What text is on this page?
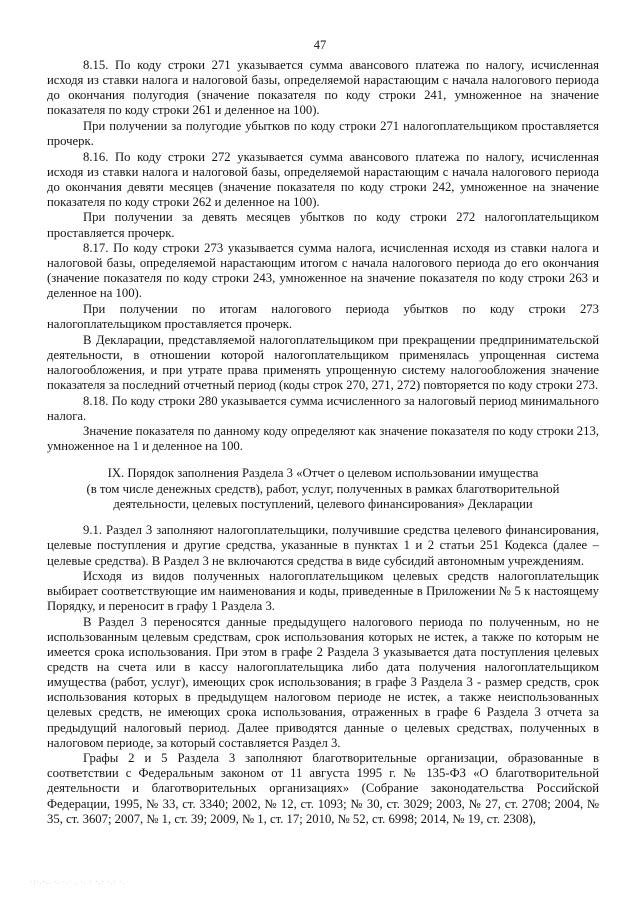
47

8.15. По коду строки 271 указывается сумма авансового платежа по налогу, исчисленная исходя из ставки налога и налоговой базы, определяемой нарастающим с начала налогового периода до окончания полугодия (значение показателя по коду строки 241, умноженное на значение показателя по коду строки 261 и деленное на 100).

При получении за полугодие убытков по коду строки 271 налогоплательщиком проставляется прочерк.

8.16. По коду строки 272 указывается сумма авансового платежа по налогу, исчисленная исходя из ставки налога и налоговой базы, определяемой нарастающим с начала налогового периода до окончания девяти месяцев (значение показателя по коду строки 242, умноженное на значение показателя по коду строки 262 и деленное на 100).

При получении за девять месяцев убытков по коду строки 272 налогоплательщиком проставляется прочерк.

8.17. По коду строки 273 указывается сумма налога, исчисленная исходя из ставки налога и налоговой базы, определяемой нарастающим итогом с начала налогового периода до его окончания (значение показателя по коду строки 243, умноженное на значение показателя по коду строки 263 и деленное на 100).

При получении по итогам налогового периода убытков по коду строки 273 налогоплательщиком проставляется прочерк.

В Декларации, представляемой налогоплательщиком при прекращении предпринимательской деятельности, в отношении которой налогоплательщиком применялась упрощенная система налогообложения, и при утрате права применять упрощенную систему налогообложения значение показателя за последний отчетный период (коды строк 270, 271, 272) повторяется по коду строки 273.

8.18. По коду строки 280 указывается сумма исчисленного за налоговый период минимального налога.

Значение показателя по данному коду определяют как значение показателя по коду строки 213, умноженное на 1 и деленное на 100.

IX. Порядок заполнения Раздела 3 «Отчет о целевом использовании имущества
(в том числе денежных средств), работ, услуг, полученных в рамках благотворительной
деятельности, целевых поступлений, целевого финансирования» Декларации

9.1. Раздел 3 заполняют налогоплательщики, получившие средства целевого финансирования, целевые поступления и другие средства, указанные в пунктах 1 и 2 статьи 251 Кодекса (далее – целевые средства). В Раздел 3 не включаются средства в виде субсидий автономным учреждениям.

Исходя из видов полученных налогоплательщиком целевых средств налогоплательщик выбирает соответствующие им наименования и коды, приведенные в Приложении № 5 к настоящему Порядку, и переносит в графу 1 Раздела 3.

В Раздел 3 переносятся данные предыдущего налогового периода по полученным, но не использованным целевым средствам, срок использования которых не истек, а также по которым не имеется срока использования. При этом в графе 2 Раздела 3 указывается дата поступления целевых средств на счета или в кассу налогоплательщика либо дата получения налогоплательщиком имущества (работ, услуг), имеющих срок использования; в графе 3 Раздела 3 - размер средств, срок использования которых в предыдущем налоговом периоде не истек, а также неиспользованных целевых средств, не имеющих срока использования, отраженных в графе 6 Раздела 3 отчета за предыдущий налоговый период. Далее приводятся данные о целевых средствах, полученных в налоговом периоде, за который составляется Раздел 3.

Графы 2 и 5 Раздела 3 заполняют благотворительные организации, образованные в соответствии с Федеральным законом от 11 августа 1995 г. № 135-ФЗ «О благотворительной деятельности и благотворительных организациях» (Собрание законодательства Российской Федерации, 1995, № 33, ст. 3340; 2002, № 12, ст. 1093; № 30, ст. 3029; 2003, № 27, ст. 2708; 2004, № 35, ст. 3607; 2007, № 1, ст. 39; 2009, № 1, ст. 17; 2010, № 52, ст. 6998; 2014, № 19, ст. 2308),

·:·.·.. ·. ·.· . ·. · ·.· ·.· ·.
